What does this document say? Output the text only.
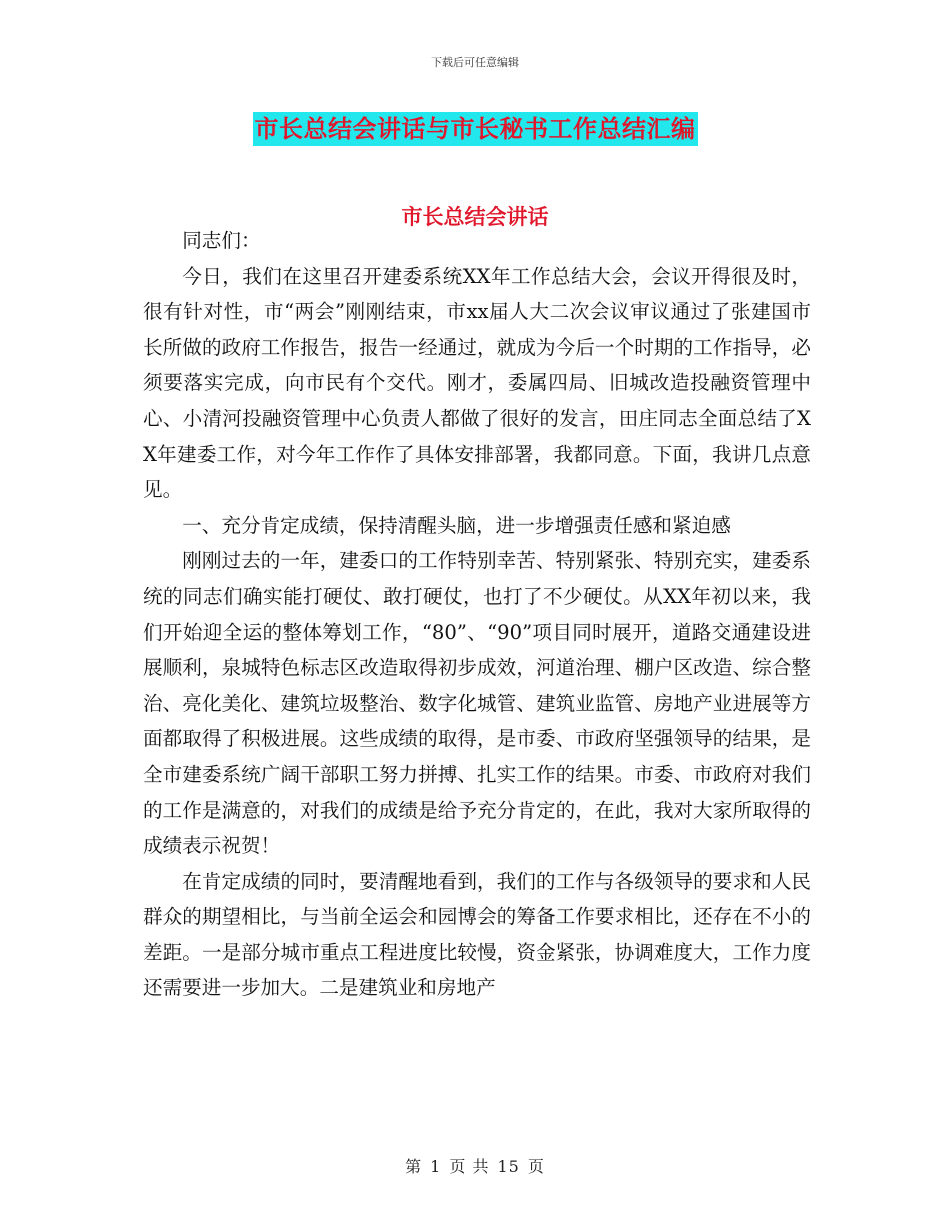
下载后可任意编辑
市长总结会讲话与市长秘书工作总结汇编
市长总结会讲话

同志们：

今日，我们在这里召开建委系统XX年工作总结大会，会议开得很及时，很有针对性，市“两会”刚刚结束，市xx届人大二次会议审议通过了张建国市长所做的政府工作报告，报告一经通过，就成为今后一个时期的工作指导，必须要落实完成，向市民有个交代。刚才，委属四局、旧城改造投融资管理中心、小清河投融资管理中心负责人都做了很好的发言，田庄同志全面总结了XX年建委工作，对今年工作作了具体安排部署，我都同意。下面，我讲几点意见。

一、充分肯定成绩，保持清醒头脑，进一步增强责任感和紧迫感

刚刚过去的一年，建委口的工作特别幸苦、特别紧张、特别充实，建委系统的同志们确实能打硬仗、敢打硬仗，也打了不少硬仗。从XX年初以来，我们开始迎全运的整体筹划工作，“80”、“90”项目同时展开，道路交通建设进展顺利，泉城特色标志区改造取得初步成效，河道治理、棚户区改造、综合整治、亮化美化、建筑垃圾整治、数字化城管、建筑业监管、房地产业进展等方面都取得了积极进展。这些成绩的取得，是市委、市政府坚强领导的结果，是全市建委系统广阔干部职工努力拼搏、扎实工作的结果。市委、市政府对我们的工作是满意的，对我们的成绩是给予充分肯定的，在此，我对大家所取得的成绩表示祝贺！

在肯定成绩的同时，要清醒地看到，我们的工作与各级领导的要求和人民群众的期望相比，与当前全运会和园博会的筹备工作要求相比，还存在不小的差距。一是部分城市重点工程进度比较慢，资金紧张，协调难度大，工作力度还需要进一步加大。二是建筑业和房地产

第 1 页 共 15 页
